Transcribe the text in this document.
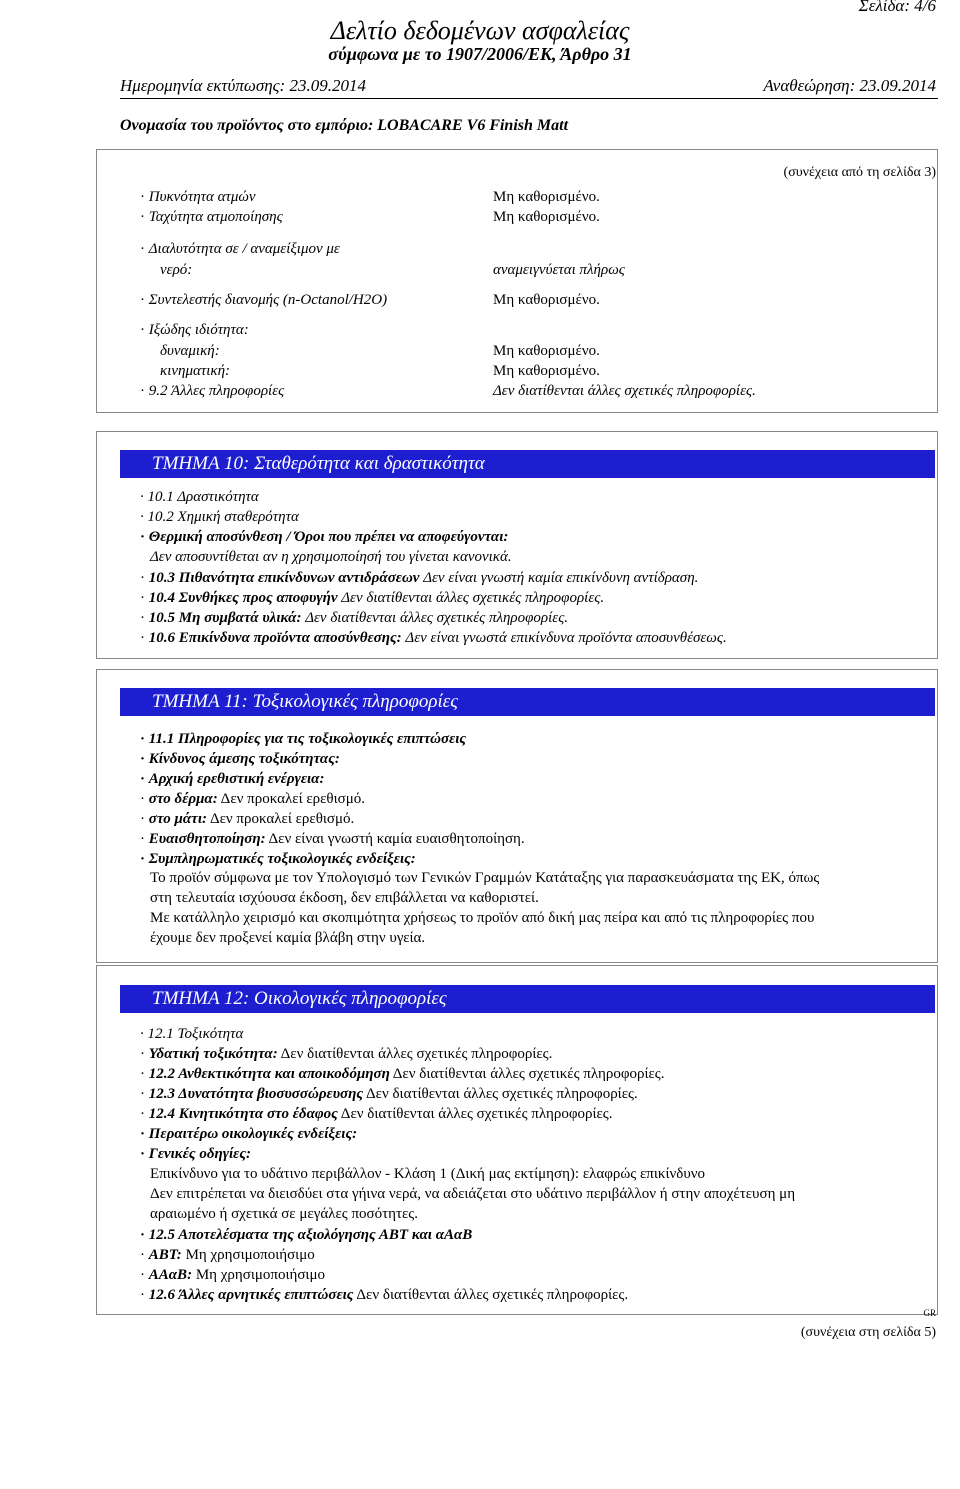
Σελίδα: 4/6
Δελτίο δεδομένων ασφαλείας
σύμφωνα με το 1907/2006/ΕΚ, Άρθρο 31
Ημερομηνία εκτύπωσης: 23.09.2014	Αναθεώρηση: 23.09.2014
Ονομασία του προϊόντος στο εμπόριο: LOBACARE V6 Finish Matt
(συνέχεια από τη σελίδα 3)
· Πυκνότητα ατμών	Μη καθορισμένο.
· Ταχύτητα ατμοποίησης	Μη καθορισμένο.
· Διαλυτότητα σε / αναμείξιμον με
νερό:	αναμειγνύεται πλήρως
· Συντελεστής διανομής (n-Octanol/H2O)	Μη καθορισμένο.
· Ιξώδης ιδιότητα:
δυναμική:	Μη καθορισμένο.
κινηματική:	Μη καθορισμένο.
· 9.2 Άλλες πληροφορίες	Δεν διατίθενται άλλες σχετικές πληροφορίες.
ΤΜΗΜΑ 10: Σταθερότητα και δραστικότητα
· 10.1 Δραστικότητα
· 10.2 Χημική σταθερότητα
· Θερμική αποσύνθεση / Όροι που πρέπει να αποφεύγονται:
Δεν αποσυντίθεται αν η χρησιμοποίησή του γίνεται κανονικά.
· 10.3 Πιθανότητα επικίνδυνων αντιδράσεων Δεν είναι γνωστή καμία επικίνδυνη αντίδραση.
· 10.4 Συνθήκες προς αποφυγήν Δεν διατίθενται άλλες σχετικές πληροφορίες.
· 10.5 Μη συμβατά υλικά: Δεν διατίθενται άλλες σχετικές πληροφορίες.
· 10.6 Επικίνδυνα προϊόντα αποσύνθεσης: Δεν είναι γνωστά επικίνδυνα προϊόντα αποσυνθέσεως.
ΤΜΗΜΑ 11: Τοξικολογικές πληροφορίες
· 11.1 Πληροφορίες για τις τοξικολογικές επιπτώσεις
· Κίνδυνος άμεσης τοξικότητας:
· Αρχική ερεθιστική ενέργεια:
· στο δέρμα: Δεν προκαλεί ερεθισμό.
· στο μάτι: Δεν προκαλεί ερεθισμό.
· Ευαισθητοποίηση: Δεν είναι γνωστή καμία ευαισθητοποίηση.
· Συμπληρωματικές τοξικολογικές ενδείξεις:
Το προϊόν σύμφωνα με τον Υπολογισμό των Γενικών Γραμμών Κατάταξης για παρασκευάσματα της ΕΚ, όπως
στη τελευταία ισχύουσα έκδοση, δεν επιβάλλεται να καθοριστεί.
Με κατάλληλο χειρισμό και σκοπιμότητα χρήσεως το προϊόν από δική μας πείρα και από τις πληροφορίες που
έχουμε δεν προξενεί καμία βλάβη στην υγεία.
ΤΜΗΜΑ 12: Οικολογικές πληροφορίες
· 12.1 Τοξικότητα
· Υδατική τοξικότητα: Δεν διατίθενται άλλες σχετικές πληροφορίες.
· 12.2 Ανθεκτικότητα και αποικοδόμηση Δεν διατίθενται άλλες σχετικές πληροφορίες.
· 12.3 Δυνατότητα βιοσυσσώρευσης Δεν διατίθενται άλλες σχετικές πληροφορίες.
· 12.4 Κινητικότητα στο έδαφος Δεν διατίθενται άλλες σχετικές πληροφορίες.
· Περαιτέρω οικολογικές ενδείξεις:
· Γενικές οδηγίες:
Επικίνδυνο για το υδάτινο περιβάλλον - Κλάση 1 (Δική μας εκτίμηση): ελαφρώς επικίνδυνο
Δεν επιτρέπεται να διεισδύει στα γήινα νερά, να αδειάζεται στο υδάτινο περιβάλλον ή στην αποχέτευση μη
αραιωμένο ή σχετικά σε μεγάλες ποσότητες.
· 12.5 Αποτελέσματα της αξιολόγησης ΑΒΤ και αΑαΒ
· ΑΒΤ: Μη χρησιμοποιήσιμο
· ΑΑαΒ: Μη χρησιμοποιήσιμο
· 12.6 Άλλες αρνητικές επιπτώσεις Δεν διατίθενται άλλες σχετικές πληροφορίες.
GR
(συνέχεια στη σελίδα 5)
